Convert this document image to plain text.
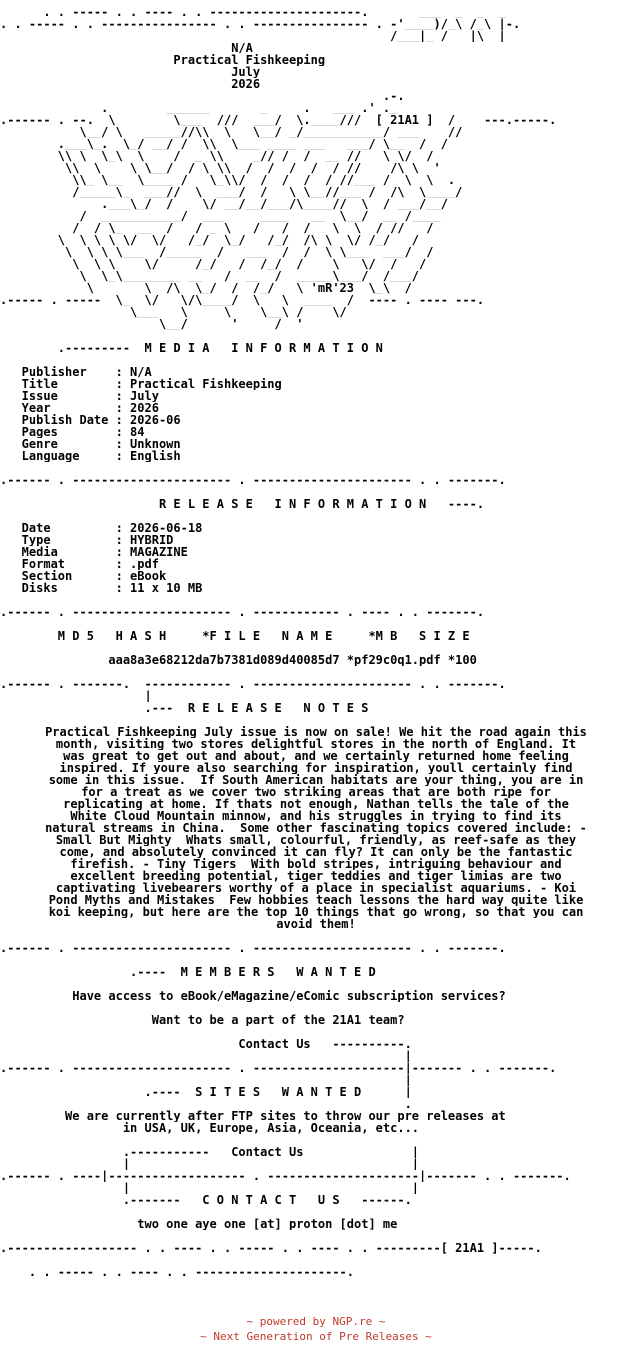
. . ----- . . ---- . . ---------------------.       ___  _  _  _
. . ----- . . ---------------- . . ---------------- . -'____)/_\ /_\ |-.
/___|_ /   |\  |
N/A
Practical Fishkeeping
July
2026
.-.
.        ______       _     .   ___ .' ._
.------ . --.  \        \___  ///  ___/  \.____///  [ 21A1 ]  /    ---.-----.
\__/ \   _____//\\  \   \__/ _/___________/ ___    //
.___\_.  \_/ __/ /  \\  \___ ____ ___   ___/ \__  /  /
\\ \  \_\  \    /  _ \\    _// /  /  __ //   \ \/  /
\\  \    \ \__/  / \ \\  /  /  /  /  / //    /\ \  '
\\_ \__  \____ /   \_\\/  /  /  /  / //___ /  \  \  .
/_____\_  ___//  \  ___/  /   \ \__//___ /  /\  \____/
.___\_/  /    \/ __/__/___/\____//  \  / ___/__/
/  ___________/  ___     ____   __  \__/  __ /____
/  / \_  __  /   / _ \   /   /  /   \  \  / //   /
\  \ \ \ \/  \/   /_/  \_/   /_/  /\ \  \/ /_/   /
\  \ \ \___  /_____  /   ___  /  /  \ \___  ___/  /
\  \ \    \/     /_/   /  /_/  /    \   \/  /   /
\  \_\________ __   /  __  /  _____\___/  /___/
\       \  /\  \_/  /  /_/   \ 'mR'23  \_\  /
.----- . -----  \_  \/   \/\____/  \   \  ____  /  ---- . ---- ---.
\___   \     \    \__\ /    \/
\__/      '     /  '
.---------  M E D I A   I N F O R M A T I O N
Publisher    : N/A
Title        : Practical Fishkeeping
Issue        : July
Year         : 2026
Publish Date : 2026-06
Pages        : 84
Genre        : Unknown
Language     : English
.------ . ---------------------- . ---------------------- . . -------.
R E L E A S E   I N F O R M A T I O N   ----.
Date         : 2026-06-18
Type         : HYBRID
Media        : MAGAZINE
Format       : .pdf
Section      : eBook
Disks        : 11 x 10 MB
.------ . ---------------------- . ------------ . ---- . . -------.
M D 5   H A S H     *F I L E   N A M E     *M B   S I Z E
aaa8a3e68212da7b7381d089d40085d7 *pf29c0q1.pdf *100
.------ . -------.  ------------ . ---------------------- . . -------.
|
.---  R E L E A S E   N O T E S
Practical Fishkeeping July issue is now on sale! We hit the road again this
month, visiting two stores delightful stores in the north of England. It
was great to get out and about, and we certainly returned home feeling
inspired. If youre also searching for inspiration, youll certainly find
some in this issue.  If South American habitats are your thing, you are in
for a treat as we cover two striking areas that are both ripe for
replicating at home. If thats not enough, Nathan tells the tale of the
White Cloud Mountain minnow, and his struggles in trying to find its
natural streams in China.  Some other fascinating topics covered include: -
Small But Mighty  Whats small, colourful, friendly, as reef-safe as they
come, and absolutely convinced it can fly? It can only be the fantastic
firefish. - Tiny Tigers  With bold stripes, intriguing behaviour and
excellent breeding potential, tiger teddies and tiger limias are two
captivating livebearers worthy of a place in specialist aquariums. - Koi
Pond Myths and Mistakes  Few hobbies teach lessons the hard way quite like
koi keeping, but here are the top 10 things that go wrong, so that you can
avoid them!
.------ . ---------------------- . ---------------------- . . -------.
.----  M E M B E R S   W A N T E D
Have access to eBook/eMagazine/eComic subscription services?
Want to be a part of the 21A1 team?
Contact Us   ----------.
|
.------ . ---------------------- . ---------------------|------- . . -------.
|
.----  S I T E S   W A N T E D      |
.
We are currently after FTP sites to throw our pre releases at
in USA, UK, Europe, Asia, Oceania, etc...
.-----------   Contact Us               |
|                                       |
.------ . ----|------------------- . ---------------------|------- . . -------.
|                                       |
.-------   C O N T A C T   U S   ------.
two one aye one [at] proton [dot] me
.------------------ . . ---- . . ----- . . ---- . . ---------[ 21A1 ]-----.
. . ----- . . ---- . . ---------------------.
~ powered by NGP.re ~
~ Next Generation of Pre Releases ~
